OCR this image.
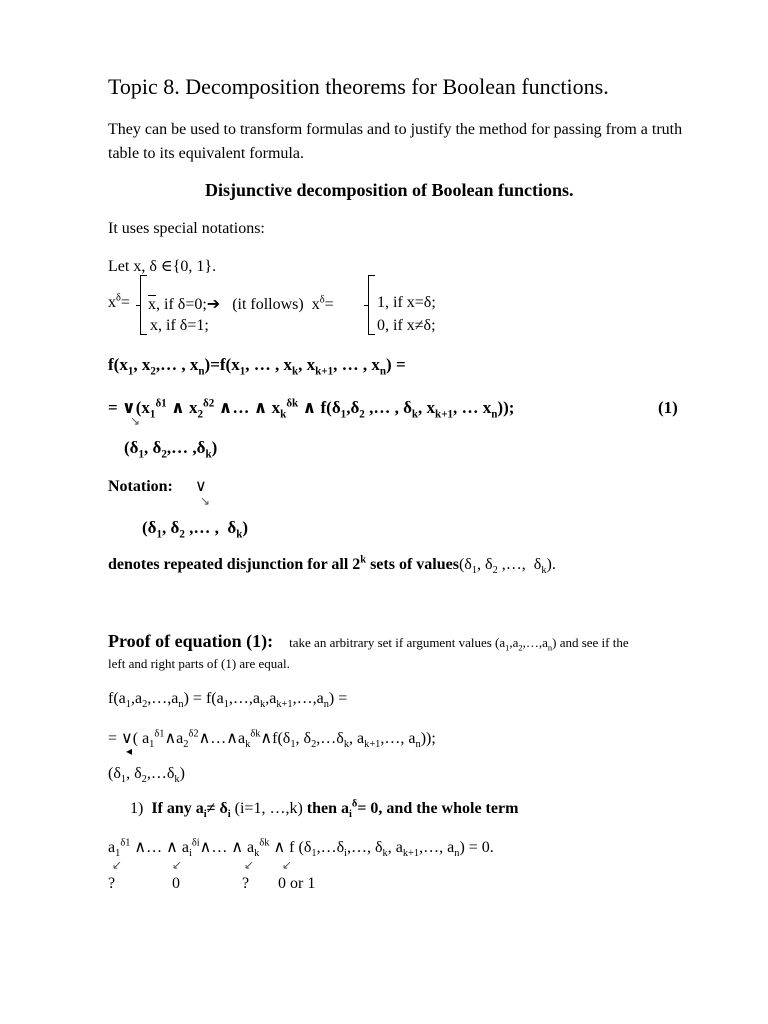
Topic 8. Decomposition theorems for Boolean functions.
They can be used to transform formulas and to justify the method for passing from a truth table to its equivalent formula.
Disjunctive decomposition of Boolean functions.
It uses special notations:
Let x, δ ∈{0, 1}.
$x^\delta= \overline{x}$, if δ=0;➔ (it follows) $x^\delta=$
x, if δ=1;
1, if x=δ;
0, if x≠δ;
$f(x_1$, $x_2,\dots$ , $x_n)=f(x_1$, … , $x_k$, $x_{k+1}$, … , $x_n$) =
= $\vee(x_1^{\delta 1}$ ∧ $x_2^{\delta 2}$ ∧… ∧ $x_k^{\delta k}$ ∧ $f(\delta_1,\delta_2$ ,… , $\delta_k$, $x_{k+1}$, … $x_n$));	(1)
↘
($\delta_1$, $\delta_2,\dots$ $,\delta_k$)
Notation: ∨
↘
($\delta_1$, $\delta_2$ ,… ,  $\delta_k$)
denotes repeated disjunction for all 2$^k$ sets of $values(\delta_1$, $\delta_2$ ,…,  $\delta_k$).
Proof of equation (1): take an arbitrary set if argument values $(a_1,a_2,\dots,a_n)$ and see if the
left and right parts of (1) are equal.
$f(a_1,a_2,\dots,a_n)$ = $f(a_1,\dots,a_k,a_{k+1},\dots,a_n)$ =
= ∨( $a_1^{\delta 1}\wedge a_2^{\delta 2}\wedge\dots\wedge a_k^{\delta k}\wedge f(\delta_1$, $\delta_2,\dots\delta_k$, $a_{k+1},\dots$, $a_n$));
◂
($\delta_1$, $\delta_2,\dots\delta_k$)
1) If any $a_i\ne \delta_i$ (i=1, …,k) then $a_i^\delta= 0$, and the whole term
$a_1^{\delta 1}$ ∧… ∧ $a_i^{\delta i}\wedge\dots$ ∧ $a_k^{\delta k}$ ∧ f ($\delta_1,\dots\delta_i,\dots$, $\delta_k$, $a_{k+1},\dots$, $a_n) = 0$.
↙	↙	↙ ↙
?	0	? 0 or 1
